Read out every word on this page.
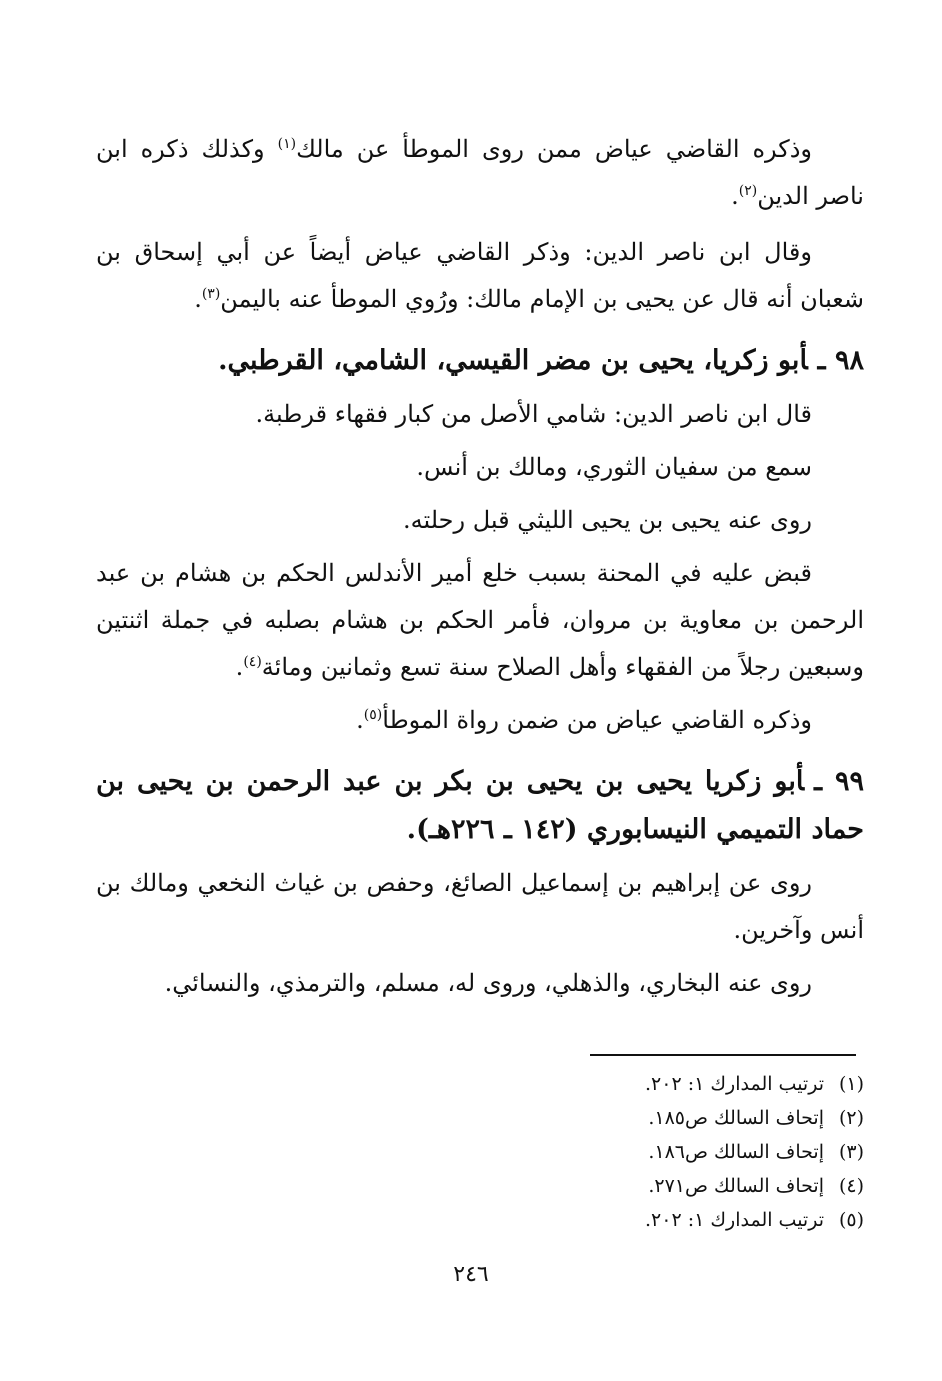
وذكره القاضي عياض ممن روى الموطأ عن مالك$^{(١)}$ وكذلك ذكره ابن ناصر الدين$^{(٢)}$.

وقال ابن ناصر الدين: وذكر القاضي عياض أيضاً عن أبي إسحاق بن شعبان أنه قال عن يحيى بن الإمام مالك: ورُوي الموطأ عنه باليمن$^{(٣)}$.

٩٨ ـأبو زكريا، يحيى بن مضر القيسي، الشامي، القرطبي.

قال ابن ناصر الدين: شامي الأصل من كبار فقهاء قرطبة.

سمع من سفيان الثوري، ومالك بن أنس.

روى عنه يحيى بن يحيى الليثي قبل رحلته.

قبض عليه في المحنة بسبب خلع أمير الأندلس الحكم بن هشام بن عبد الرحمن بن معاوية بن مروان، فأمر الحكم بن هشام بصلبه في جملة اثنتين وسبعين رجلاً من الفقهاء وأهل الصلاح سنة تسع وثمانين ومائة$^{(٤)}$.

وذكره القاضي عياض من ضمن رواة الموطأ$^{(٥)}$.

٩٩ ـأبو زكريا يحيى بن يحيى بن بكر بن عبد الرحمن بن يحيى بن حماد التميمي النيسابوري (١٤٢ ـ ٢٢٦هـ).

روى عن إبراهيم بن إسماعيل الصائغ، وحفص بن غياث النخعي ومالك بن أنس وآخرين.

روى عنه البخاري، والذهلي، وروى له، مسلم، والترمذي، والنسائي.

(١)ترتيب المدارك ١: ٢٠٢.
(٢)إتحاف السالك ص١٨٥.
(٣)إتحاف السالك ص١٨٦.
(٤)إتحاف السالك ص٢٧١.
(٥)ترتيب المدارك ١: ٢٠٢.
٢٤٦
